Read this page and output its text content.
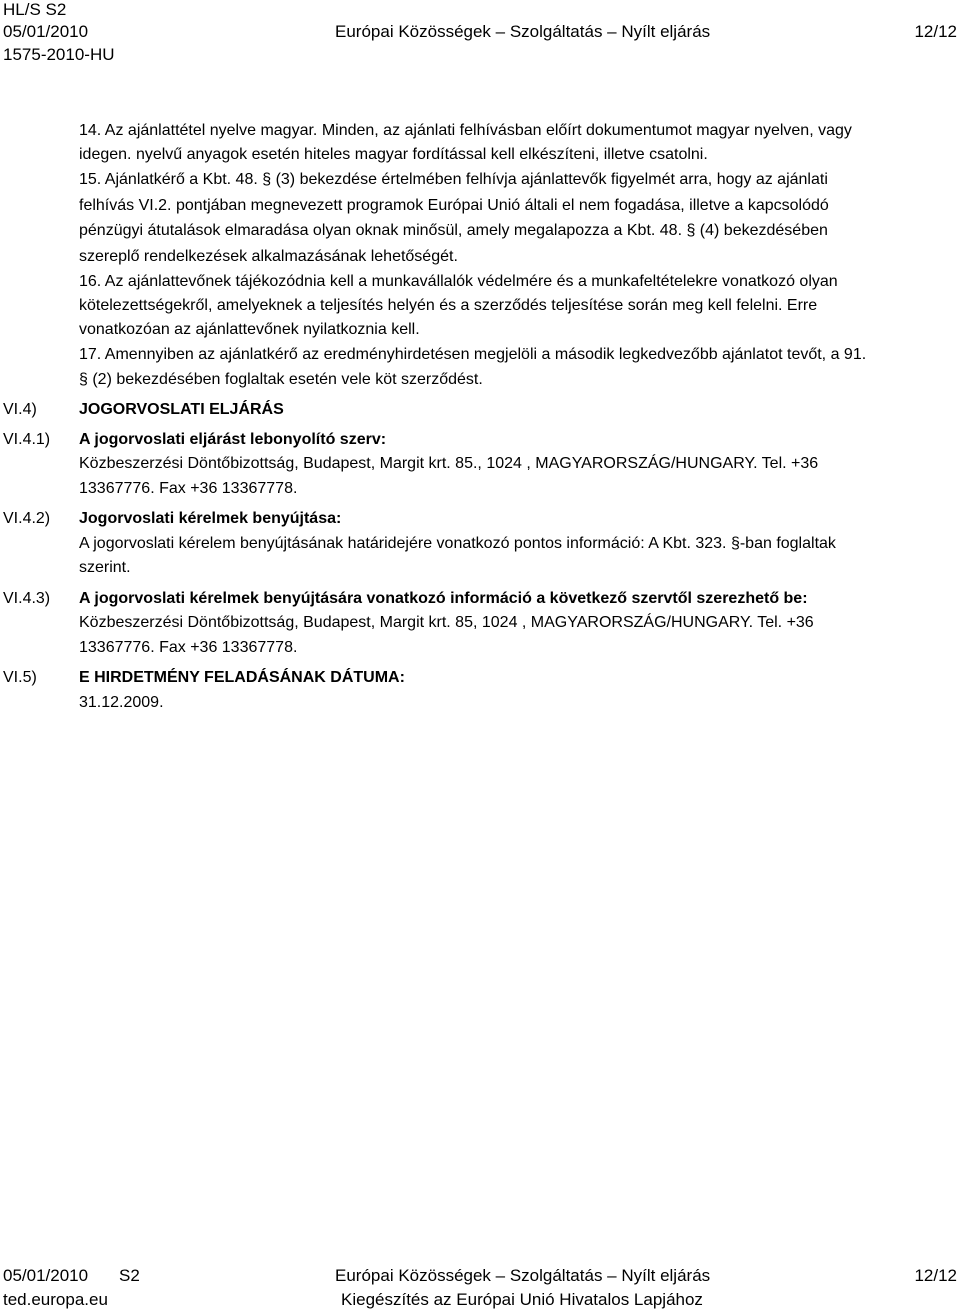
HL/S S2
05/01/2010
1575-2010-HU
Európai Közösségek – Szolgáltatás – Nyílt eljárás	12/12
14. Az ajánlattétel nyelve magyar. Minden, az ajánlati felhívásban előírt dokumentumot magyar nyelven, vagy
idegen. nyelvű anyagok esetén hiteles magyar fordítással kell elkészíteni, illetve csatolni.
15. Ajánlatkérő a Kbt. 48. § (3) bekezdése értelmében felhívja ajánlattevők figyelmét arra, hogy az ajánlati
felhívás VI.2. pontjában megnevezett programok Európai Unió általi el nem fogadása, illetve a kapcsolódó
pénzügyi átutalások elmaradása olyan oknak minősül, amely megalapozza a Kbt. 48. § (4) bekezdésében
szereplő rendelkezések alkalmazásának lehetőségét.
16. Az ajánlattevőnek tájékozódnia kell a munkavállalók védelmére és a munkafeltételekre vonatkozó olyan
kötelezettségekről, amelyeknek a teljesítés helyén és a szerződés teljesítése során meg kell felelni. Erre
vonatkozóan az ajánlattevőnek nyilatkoznia kell.
17. Amennyiben az ajánlatkérő az eredményhirdetésen megjelöli a második legkedvezőbb ajánlatot tevőt, a 91.
§ (2) bekezdésében foglaltak esetén vele köt szerződést.
VI.4)	JOGORVOSLATI ELJÁRÁS
VI.4.1) A jogorvoslati eljárást lebonyolító szerv:
Közbeszerzési Döntőbizottság, Budapest, Margit krt. 85., 1024 , MAGYARORSZÁG/HUNGARY. Tel. +36
13367776. Fax +36 13367778.
VI.4.2) Jogorvoslati kérelmek benyújtása:
A jogorvoslati kérelem benyújtásának határidejére vonatkozó pontos információ: A Kbt. 323. §-ban foglaltak
szerint.
VI.4.3) A jogorvoslati kérelmek benyújtására vonatkozó információ a következő szervtől szerezhető be:
Közbeszerzési Döntőbizottság, Budapest, Margit krt. 85, 1024 , MAGYARORSZÁG/HUNGARY. Tel. +36
13367776. Fax +36 13367778.
VI.5)	E HIRDETMÉNY FELADÁSÁNAK DÁTUMA:
31.12.2009.
05/01/2010 S2
ted.europa.eu
Európai Közösségek – Szolgáltatás – Nyílt eljárás
Kiegészítés az Európai Unió Hivatalos Lapjához
12/12
